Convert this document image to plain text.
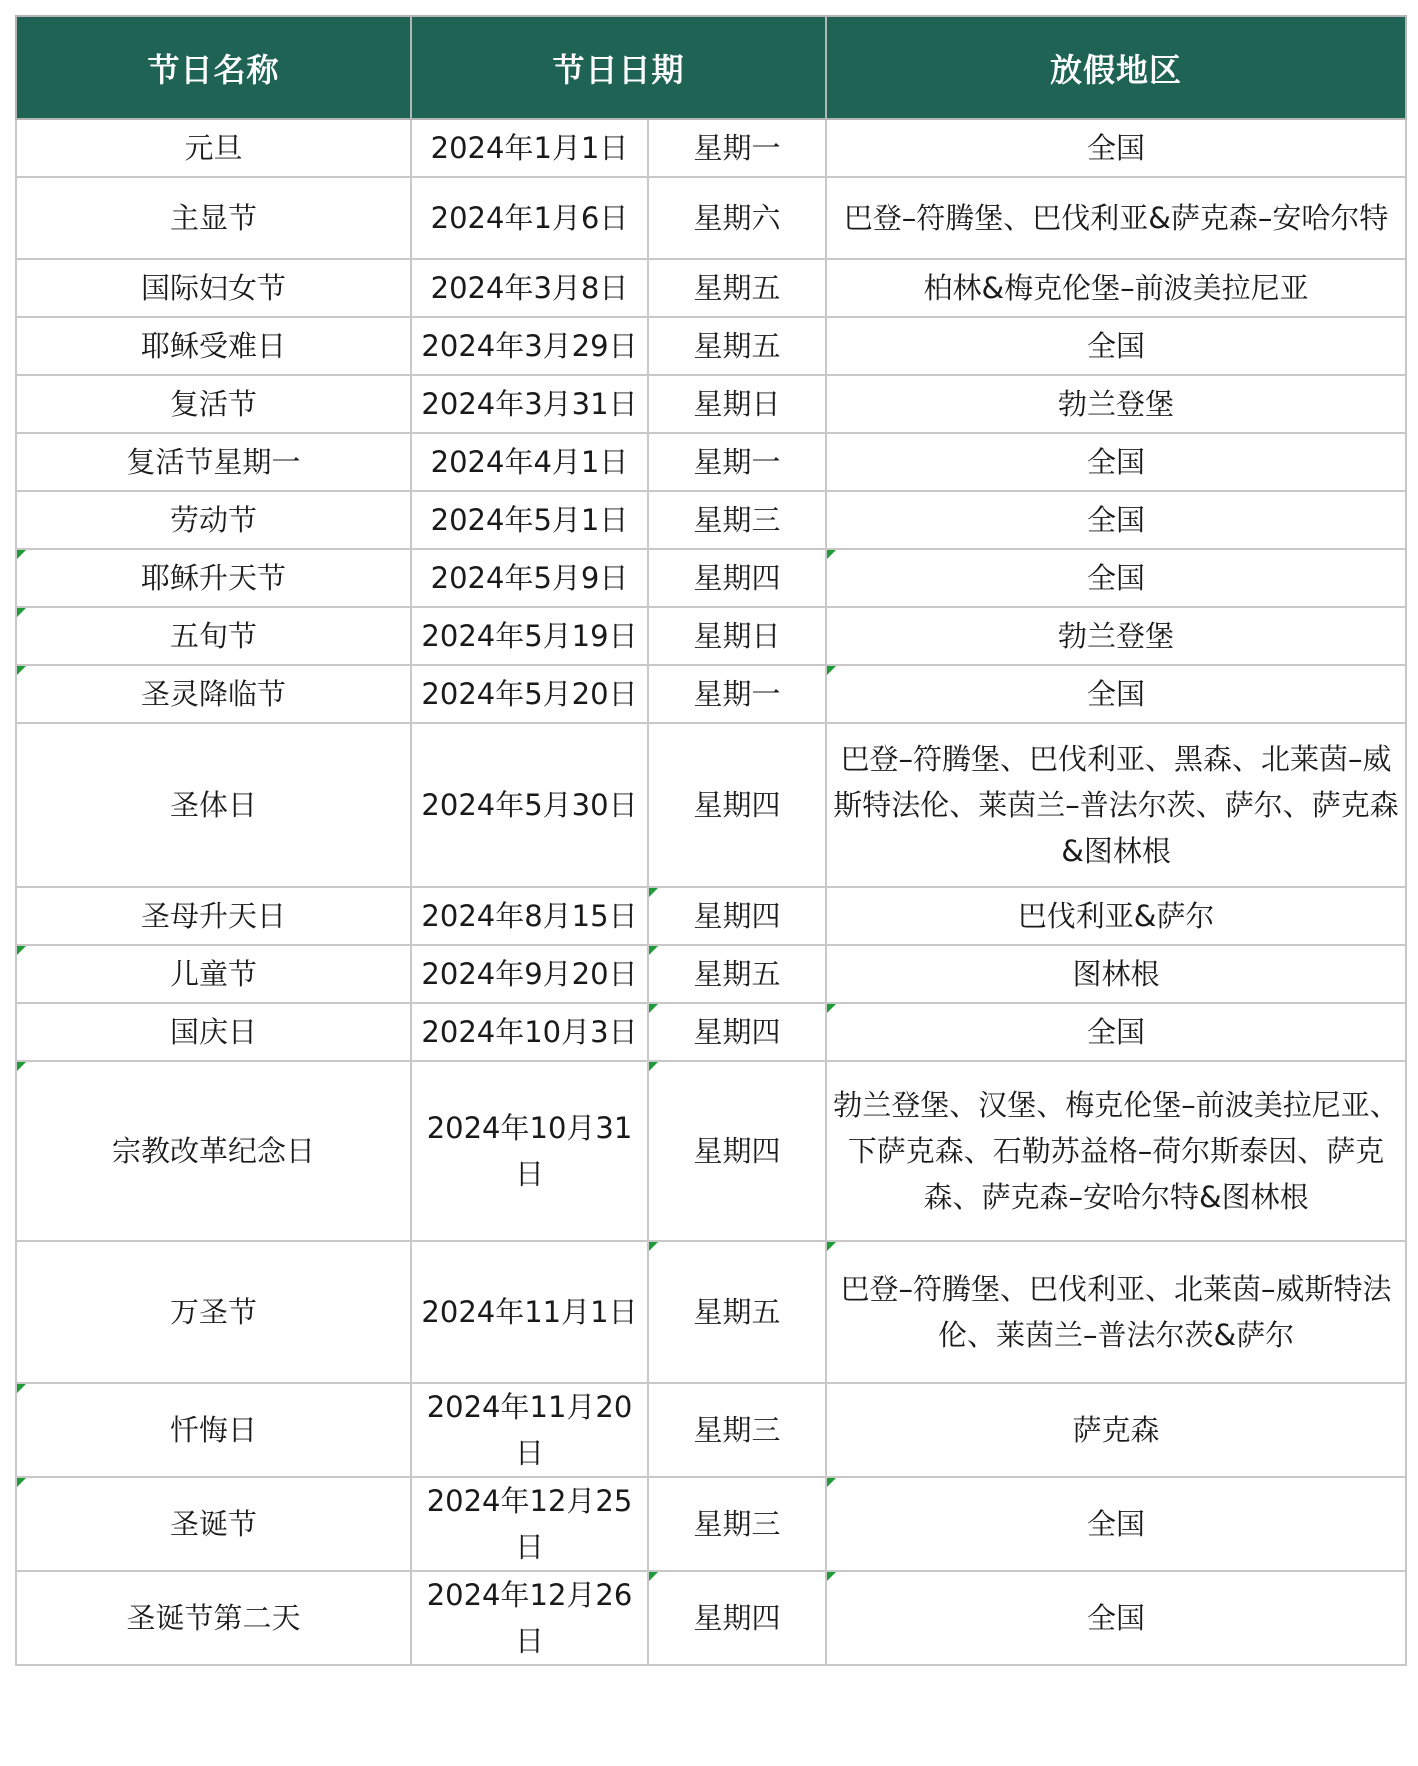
节日名称	节日日期		放假地区
元旦	2024年1月1日	星期一	全国
主显节	2024年1月6日	星期六	巴登–符腾堡、巴伐利亚&萨克森–安哈尔特
国际妇女节	2024年3月8日	星期五	柏林&梅克伦堡–前波美拉尼亚
耶稣受难日	2024年3月29日	星期五	全国
复活节	2024年3月31日	星期日	勃兰登堡
复活节星期一	2024年4月1日	星期一	全国
劳动节	2024年5月1日	星期三	全国
耶稣升天节	2024年5月9日	星期四	全国
五旬节	2024年5月19日	星期日	勃兰登堡
圣灵降临节	2024年5月20日	星期一	全国
圣体日	2024年5月30日	星期四	巴登–符腾堡、巴伐利亚、黑森、北莱茵–威斯特法伦、莱茵兰–普法尔茨、萨尔、萨克森&图林根
圣母升天日	2024年8月15日	星期四	巴伐利亚&萨尔
儿童节	2024年9月20日	星期五	图林根
国庆日	2024年10月3日	星期四	全国
宗教改革纪念日	2024年10月31日	星期四	勃兰登堡、汉堡、梅克伦堡–前波美拉尼亚、下萨克森、石勒苏益格–荷尔斯泰因、萨克森、萨克森–安哈尔特&图林根
万圣节	2024年11月1日	星期五	巴登–符腾堡、巴伐利亚、北莱茵–威斯特法伦、莱茵兰–普法尔茨&萨尔
忏悔日	2024年11月20日	星期三	萨克森
圣诞节	2024年12月25日	星期三	全国
圣诞节第二天	2024年12月26日	星期四	全国
